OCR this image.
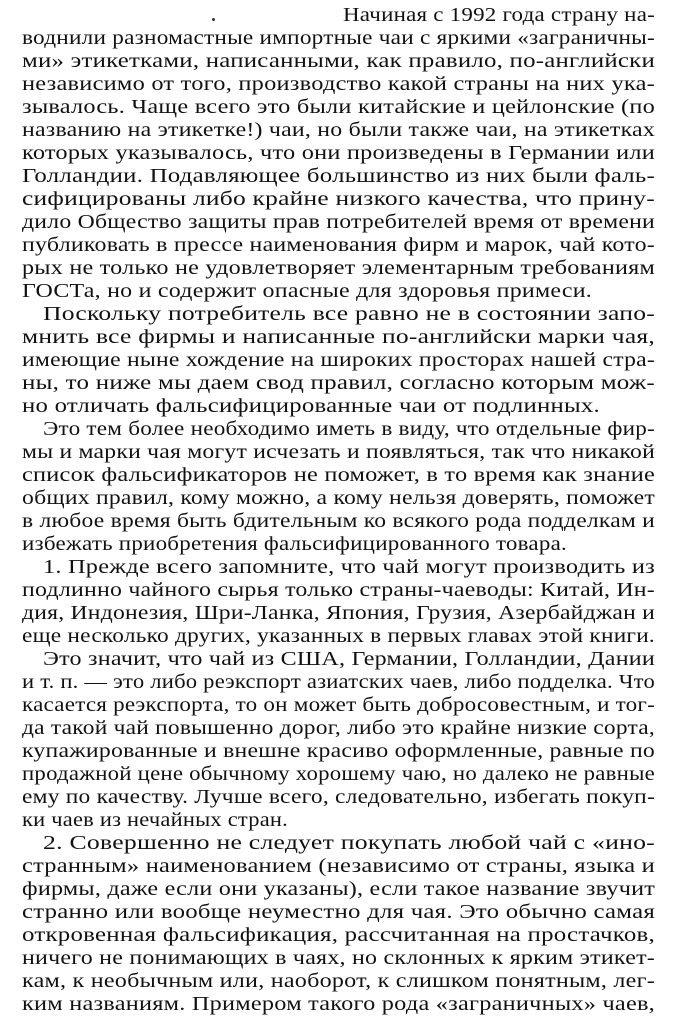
Начиная с 1992 года страну на-

воднили разномастные импортные чаи с яркими «заграничны-

ми» этикетками, написанными, как правило, по-английски

независимо от того, производство какой страны на них ука-

зывалось. Чаще всего это были китайские и цейлонские (по

названию на этикетке!) чаи, но были также чаи, на этикетках

которых указывалось, что они произведены в Германии или

Голландии. Подавляющее большинство из них были фаль-

сифицированы либо крайне низкого качества, что прину-

дило Общество защиты прав потребителей время от времени

публиковать в прессе наименования фирм и марок, чай кото-

рых не только не удовлетворяет элементарным требованиям

ГОСТа, но и содержит опасные для здоровья примеси.

Поскольку потребитель все равно не в состоянии запо-

мнить все фирмы и написанные по-английски марки чая,

имеющие ныне хождение на широких просторах нашей стра-

ны, то ниже мы даем свод правил, согласно которым мож-

но отличать фальсифицированные чаи от подлинных.

Это тем более необходимо иметь в виду, что отдельные фир-

мы и марки чая могут исчезать и появляться, так что никакой

список фальсификаторов не поможет, в то время как знание

общих правил, кому можно, а кому нельзя доверять, поможет

в любое время быть бдительным ко всякого рода подделкам и

избежать приобретения фальсифицированного товара.

1. Прежде всего запомните, что чай могут производить из

подлинно чайного сырья только страны-чаеводы: Китай, Ин-

дия, Индонезия, Шри-Ланка, Япония, Грузия, Азербайджан и

еще несколько других, указанных в первых главах этой книги.

Это значит, что чай из США, Германии, Голландии, Дании

и т. п. — это либо реэкспорт азиатских чаев, либо подделка. Что

касается реэкспорта, то он может быть добросовестным, и тог-

да такой чай повышенно дорог, либо это крайне низкие сорта,

купажированные и внешне красиво оформленные, равные по

продажной цене обычному хорошему чаю, но далеко не равные

ему по качеству. Лучше всего, следовательно, избегать покуп-

ки чаев из нечайных стран.

2. Совершенно не следует покупать любой чай с «ино-

странным» наименованием (независимо от страны, языка и

фирмы, даже если они указаны), если такое название звучит

странно или вообще неуместно для чая. Это обычно самая

откровенная фальсификация, рассчитанная на простачков,

ничего не понимающих в чаях, но склонных к ярким этикет-

кам, к необычным или, наоборот, к слишком понятным, лег-

ким названиям. Примером такого рода «заграничных» чаев,
